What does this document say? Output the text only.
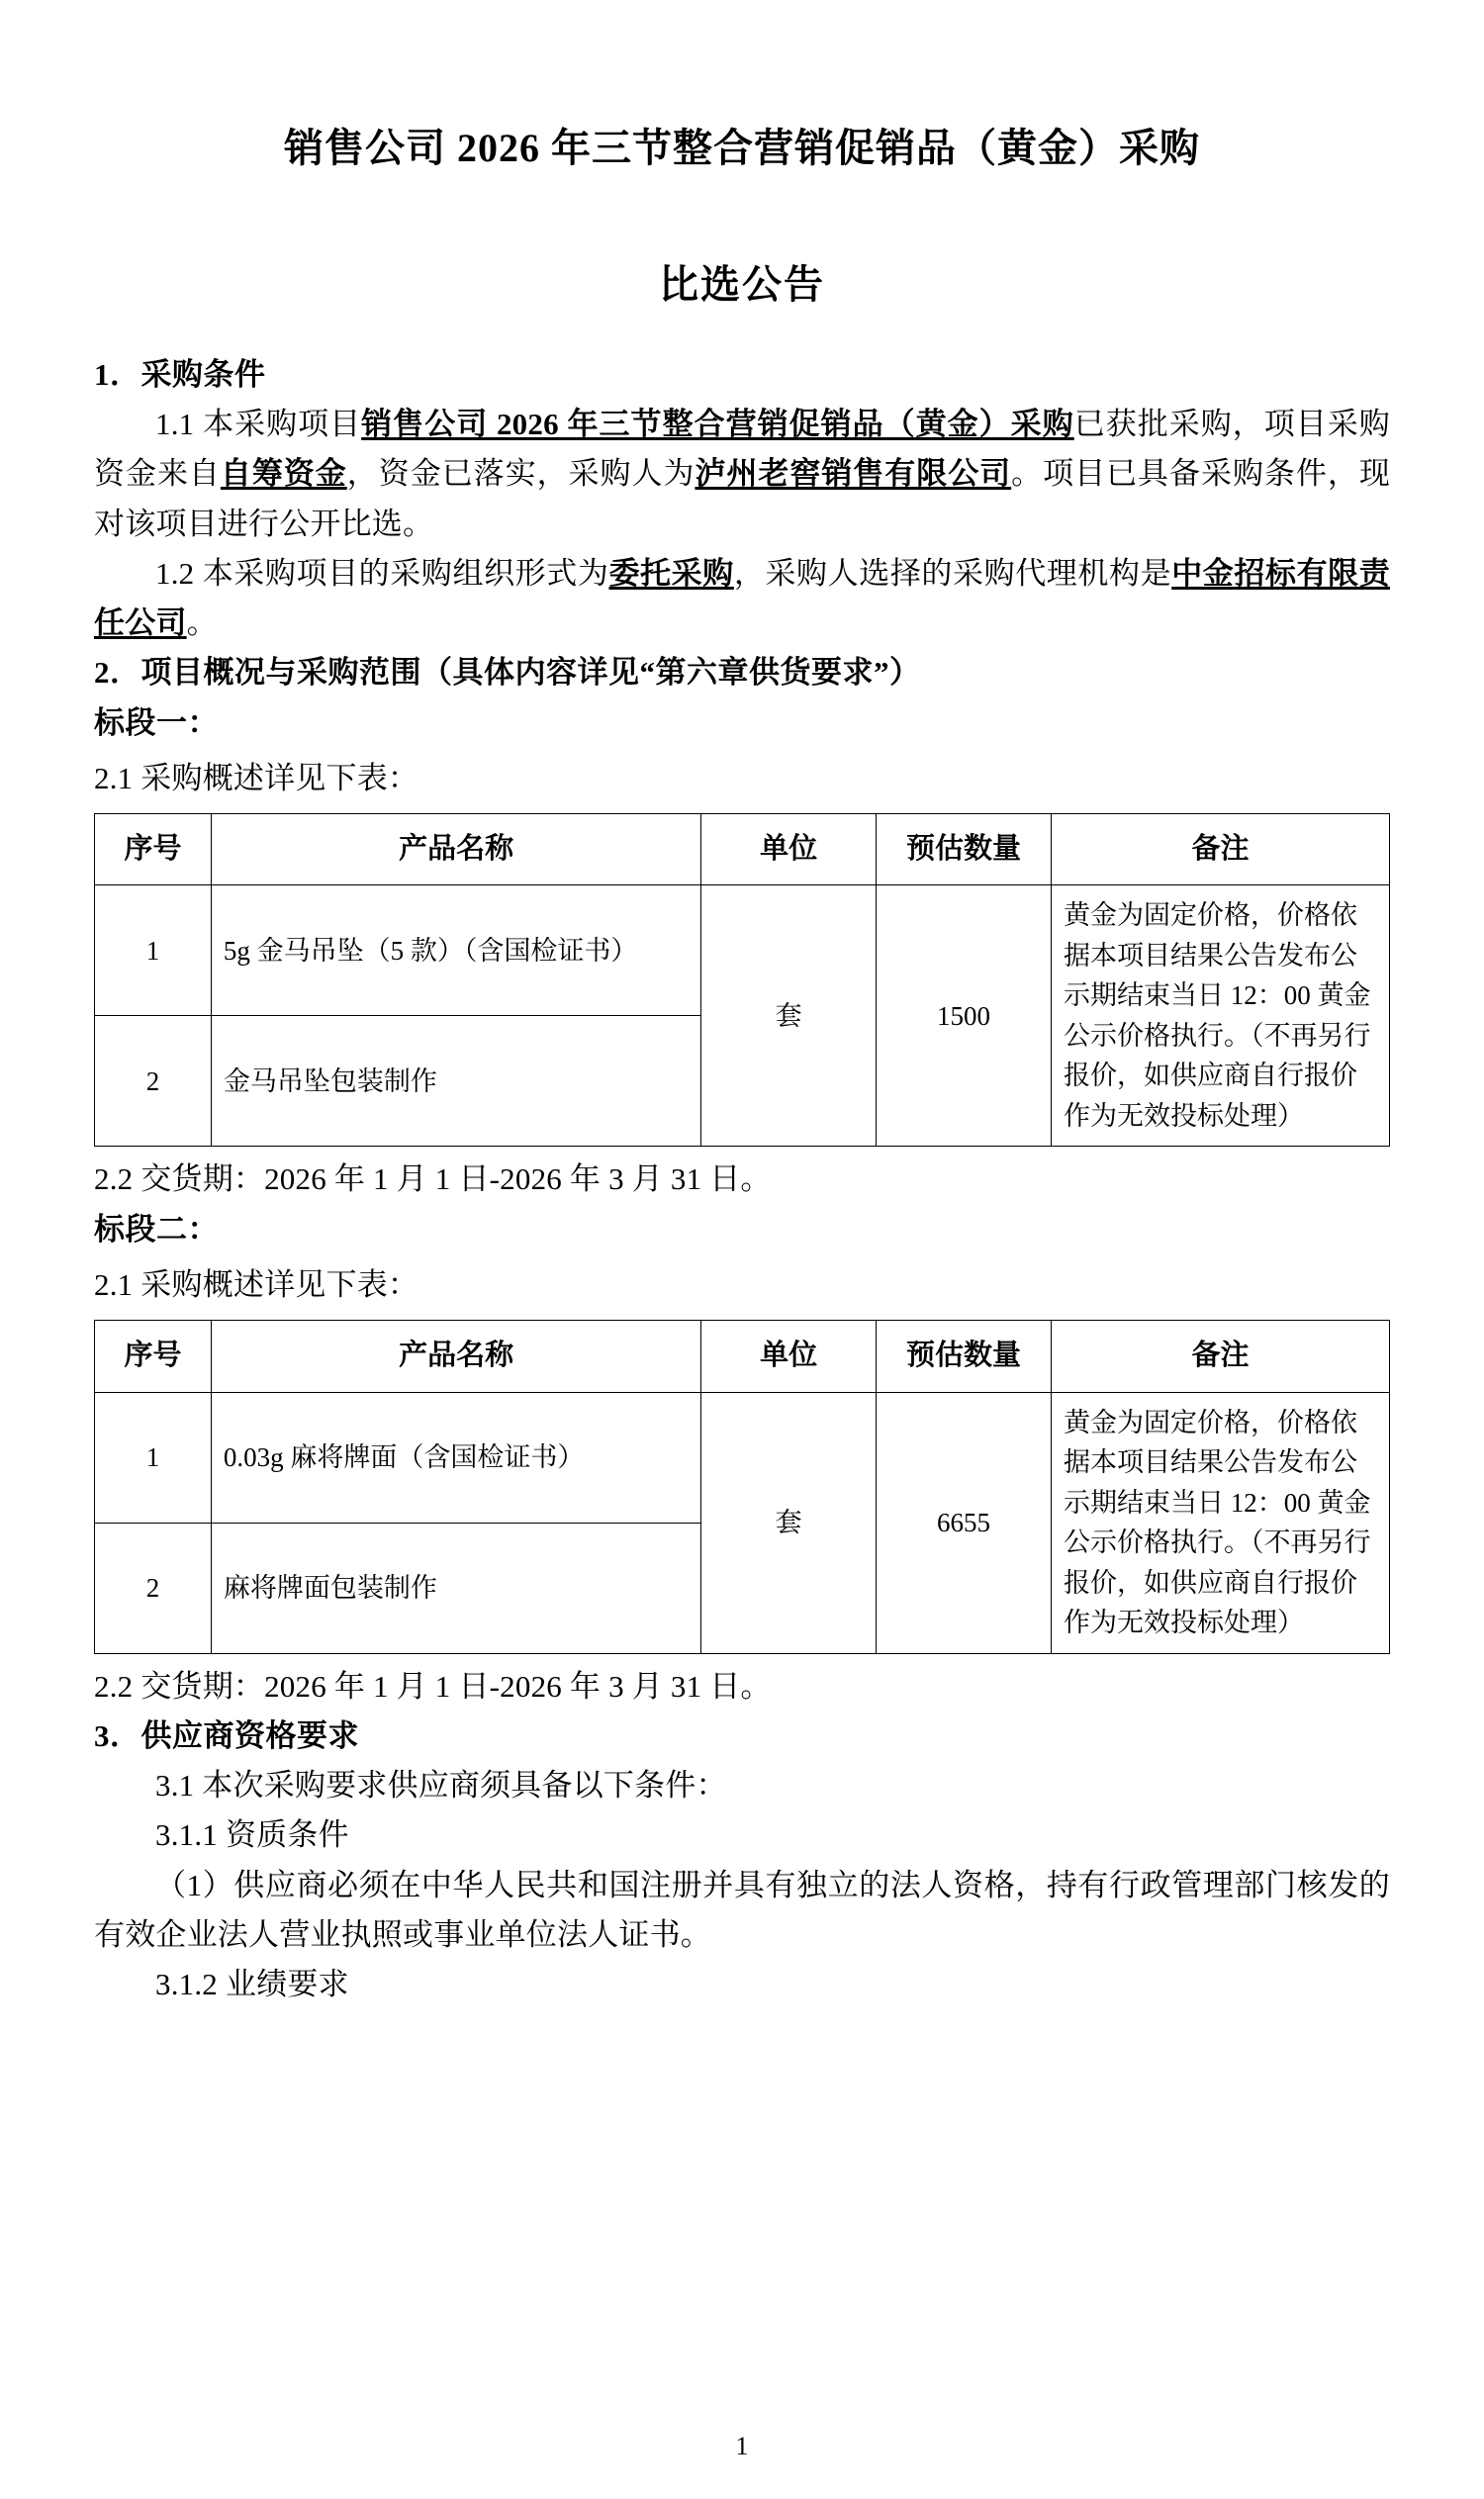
销售公司 2026 年三节整合营销促销品（黄金）采购
比选公告

1．采购条件

1.1 本采购项目销售公司 2026 年三节整合营销促销品（黄金）采购已获批采购，项目采购资金来自自筹资金，资金已落实，采购人为泸州老窖销售有限公司。项目已具备采购条件，现对该项目进行公开比选。

1.2 本采购项目的采购组织形式为委托采购，采购人选择的采购代理机构是中金招标有限责任公司。

2．项目概况与采购范围（具体内容详见“第六章供货要求”）

标段一：

2.1 采购概述详见下表：

序号	产品名称	单位	预估数量	备注
1	5g 金马吊坠（5 款）（含国检证书）	套	1500	黄金为固定价格，价格依据本项目结果公告发布公示期结束当日 12：00 黄金公示价格执行。（不再另行报价，如供应商自行报价作为无效投标处理）
2	金马吊坠包装制作			

2.2 交货期：2026 年 1 月 1 日-2026 年 3 月 31 日。

标段二：

2.1 采购概述详见下表：

序号	产品名称	单位	预估数量	备注
1	0.03g 麻将牌面（含国检证书）	套	6655	黄金为固定价格，价格依据本项目结果公告发布公示期结束当日 12：00 黄金公示价格执行。（不再另行报价，如供应商自行报价作为无效投标处理）
2	麻将牌面包装制作			

2.2 交货期：2026 年 1 月 1 日-2026 年 3 月 31 日。

3．供应商资格要求

3.1 本次采购要求供应商须具备以下条件：

3.1.1 资质条件

（1）供应商必须在中华人民共和国注册并具有独立的法人资格，持有行政管理部门核发的有效企业法人营业执照或事业单位法人证书。

3.1.2 业绩要求

1
